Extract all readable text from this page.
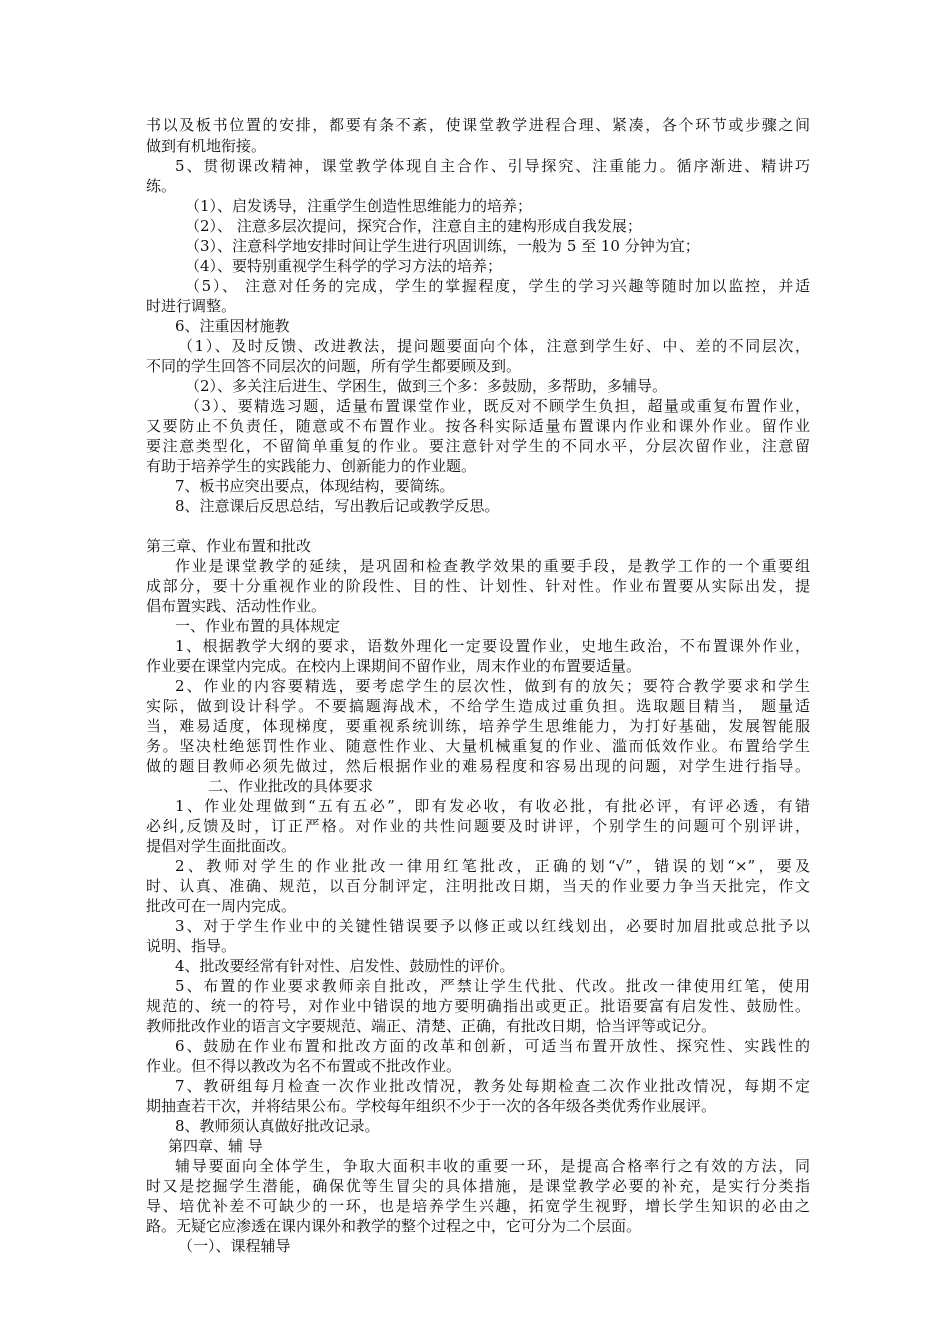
书以及板书位置的安排，都要有条不紊，使课堂教学进程合理、紧凑，各个环节或步骤之间
做到有机地衔接。
5、贯彻课改精神，课堂教学体现自主合作、引导探究、注重能力。循序渐进、精讲巧
练。
（1）、启发诱导，注重学生创造性思维能力的培养；
（2）、 注意多层次提问，探究合作，注意自主的建构形成自我发展；
（3）、注意科学地安排时间让学生进行巩固训练，一般为 5 至 10 分钟为宜；
（4）、要特别重视学生科学的学习方法的培养；
（5）、 注意对任务的完成，学生的掌握程度，学生的学习兴趣等随时加以监控，并适
时进行调整。
6、注重因材施教
（1）、及时反馈、改进教法，提问题要面向个体，注意到学生好、中、差的不同层次，
不同的学生回答不同层次的问题，所有学生都要顾及到。
（2）、多关注后进生、学困生，做到三个多：多鼓励，多帮助，多辅导。
（3）、要精选习题，适量布置课堂作业，既反对不顾学生负担，超量或重复布置作业，
又要防止不负责任，随意或不布置作业。按各科实际适量布置课内作业和课外作业。留作业
要注意类型化，不留简单重复的作业。要注意针对学生的不同水平，分层次留作业，注意留
有助于培养学生的实践能力、创新能力的作业题。
7、板书应突出要点，体现结构，要简练。
8、注意课后反思总结，写出教后记或教学反思。
第三章、作业布置和批改
作业是课堂教学的延续，是巩固和检查教学效果的重要手段，是教学工作的一个重要组
成部分，要十分重视作业的阶段性、目的性、计划性、针对性。作业布置要从实际出发，提
倡布置实践、活动性作业。
一、作业布置的具体规定
1、根据教学大纲的要求，语数外理化一定要设置作业，史地生政治，不布置课外作业，
作业要在课堂内完成。在校内上课期间不留作业，周末作业的布置要适量。
2、作业的内容要精选，要考虑学生的层次性，做到有的放矢；要符合教学要求和学生
实际，做到设计科学。不要搞题海战术，不给学生造成过重负担。选取题目精当， 题量适
当，难易适度，体现梯度，要重视系统训练，培养学生思维能力，为打好基础，发展智能服
务。坚决杜绝惩罚性作业、随意性作业、大量机械重复的作业、滥而低效作业。布置给学生
做的题目教师必须先做过，然后根据作业的难易程度和容易出现的问题，对学生进行指导。
二、作业批改的具体要求
1、作业处理做到“五有五必”，即有发必收，有收必批，有批必评，有评必透，有错
必纠,反馈及时，订正严格。对作业的共性问题要及时讲评，个别学生的问题可个别评讲，
提倡对学生面批面改。
2、教师对学生的作业批改一律用红笔批改，正确的划“√”，错误的划“×”，要及
时、认真、准确、规范，以百分制评定，注明批改日期，当天的作业要力争当天批完，作文
批改可在一周内完成。
3、对于学生作业中的关键性错误要予以修正或以红线划出，必要时加眉批或总批予以
说明、指导。
4、批改要经常有针对性、启发性、鼓励性的评价。
5、布置的作业要求教师亲自批改，严禁让学生代批、代改。批改一律使用红笔，使用
规范的、统一的符号，对作业中错误的地方要明确指出或更正。批语要富有启发性、鼓励性。
教师批改作业的语言文字要规范、端正、清楚、正确，有批改日期，恰当评等或记分。
6、鼓励在作业布置和批改方面的改革和创新，可适当布置开放性、探究性、实践性的
作业。但不得以教改为名不布置或不批改作业。
7、教研组每月检查一次作业批改情况，教务处每期检查二次作业批改情况，每期不定
期抽查若干次，并将结果公布。学校每年组织不少于一次的各年级各类优秀作业展评。
8、教师须认真做好批改记录。
第四章、辅 导
辅导要面向全体学生，争取大面积丰收的重要一环，是提高合格率行之有效的方法，同
时又是挖掘学生潜能，确保优等生冒尖的具体措施，是课堂教学必要的补充，是实行分类指
导、培优补差不可缺少的一环，也是培养学生兴趣，拓宽学生视野，增长学生知识的必由之
路。无疑它应渗透在课内课外和教学的整个过程之中，它可分为二个层面。
（一）、课程辅导
